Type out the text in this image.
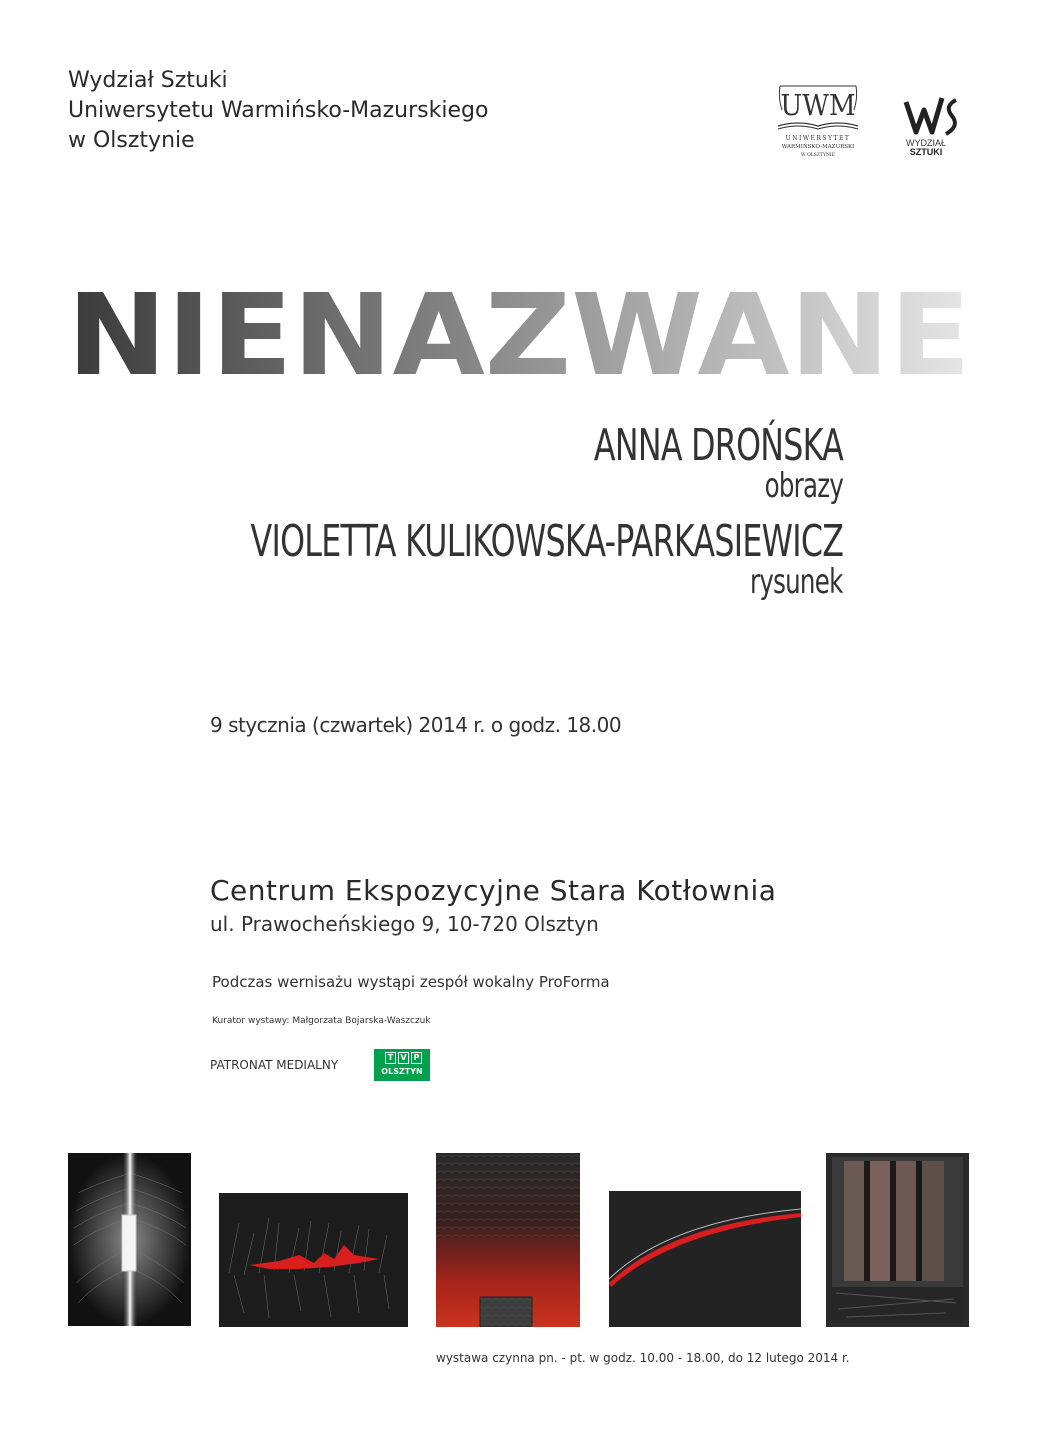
Wydział Sztuki
Uniwersytetu Warmińsko-Mazurskiego
w Olsztynie
UWM
UNIWERSYTET
WARMIŃSKO-MAZURSKI
W OLSZTYNIE
WS
WYDZIAŁ
SZTUKI
NIENAZWANE
ANNA DROŃSKA
obrazy
VIOLETTA KULIKOWSKA-PARKASIEWICZ
rysunek
9 stycznia (czwartek) 2014 r. o godz. 18.00
Centrum Ekspozycyjne Stara Kotłownia
ul. Prawocheńskiego 9, 10-720 Olsztyn
Podczas wernisażu wystąpi zespół wokalny ProForma
Kurator wystawy: Małgorzata Bojarska-Waszczuk
PATRONAT MEDIALNY
T V P
OLSZTYN
wystawa czynna pn. - pt. w godz. 10.00 - 18.00, do 12 lutego 2014 r.
